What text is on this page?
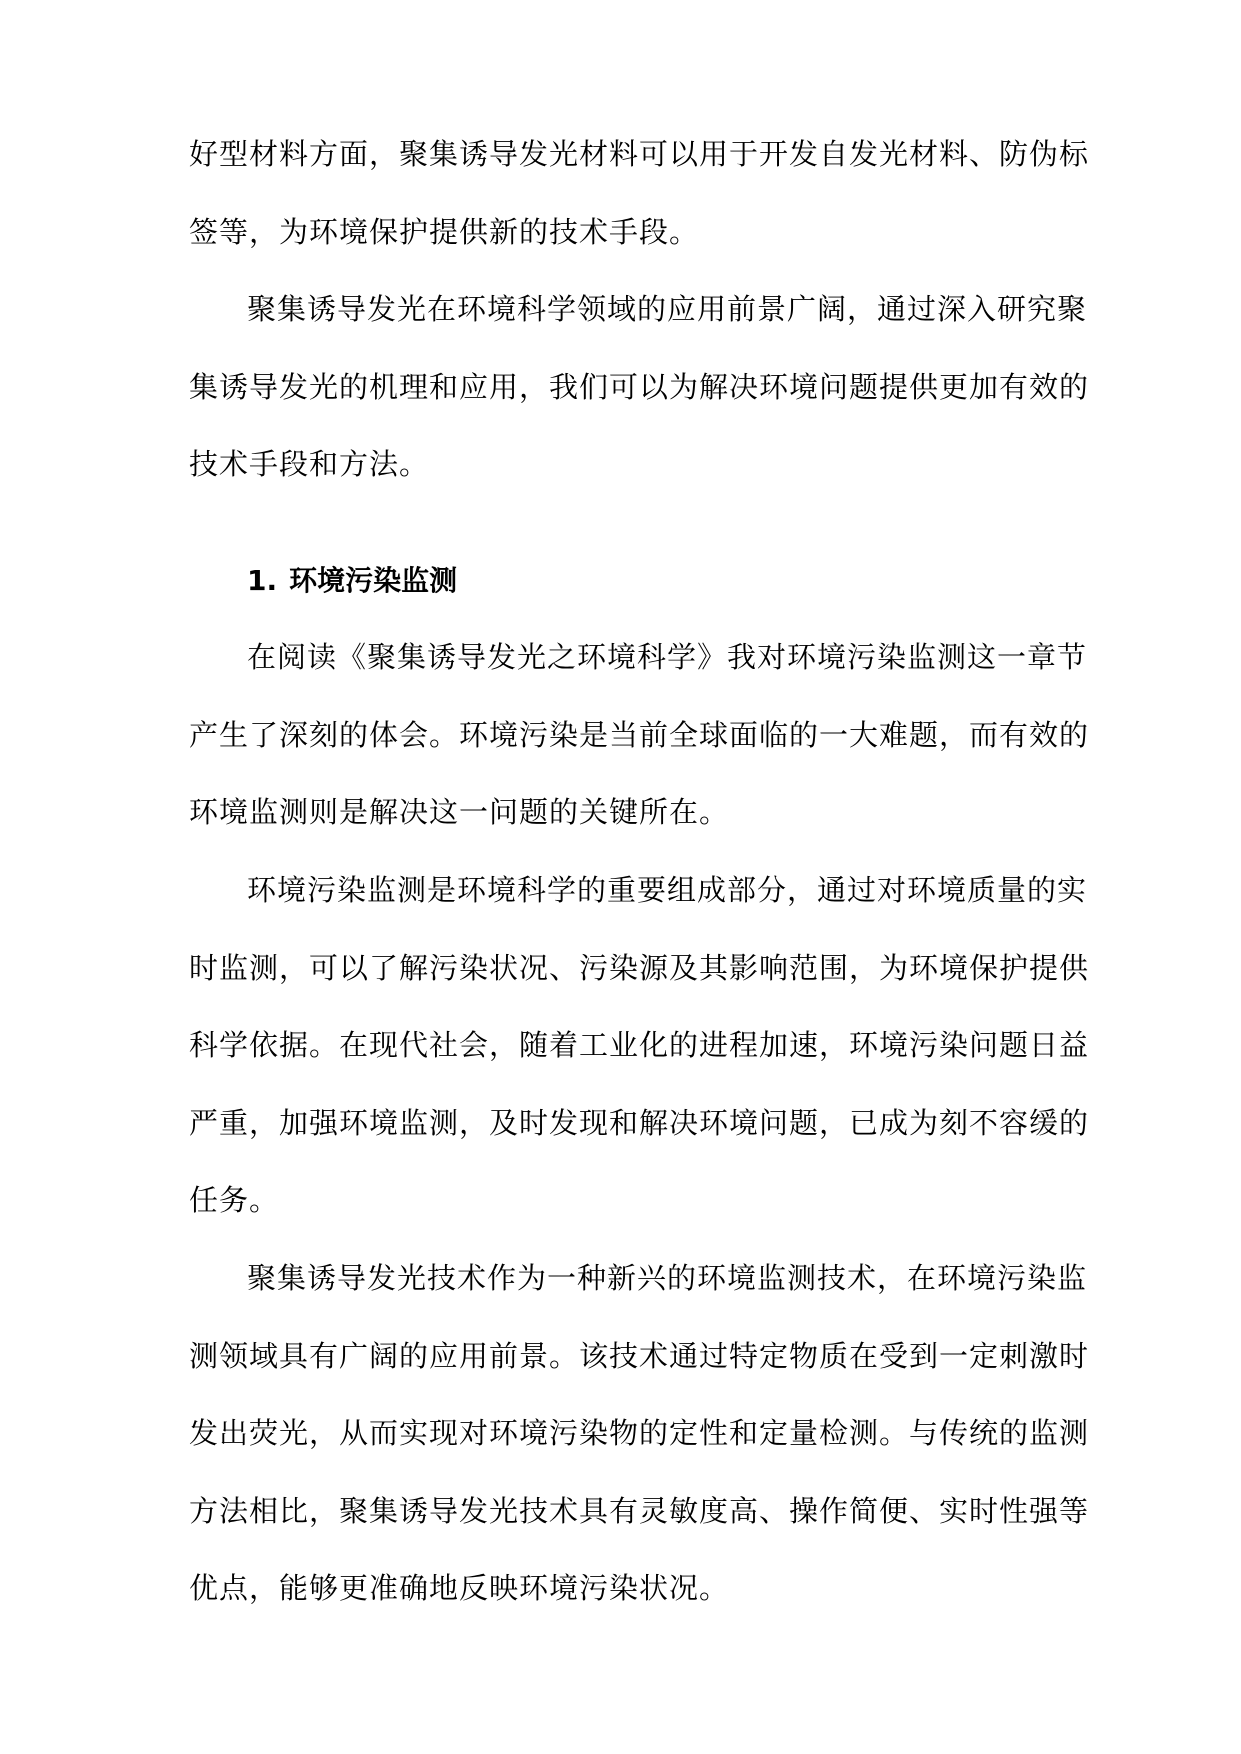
好型材料方面，聚集诱导发光材料可以用于开发自发光材料、防伪标
签等，为环境保护提供新的技术手段。

聚集诱导发光在环境科学领域的应用前景广阔，通过深入研究聚
集诱导发光的机理和应用，我们可以为解决环境问题提供更加有效的
技术手段和方法。

1. 环境污染监测

在阅读《聚集诱导发光之环境科学》我对环境污染监测这一章节
产生了深刻的体会。环境污染是当前全球面临的一大难题，而有效的
环境监测则是解决这一问题的关键所在。

环境污染监测是环境科学的重要组成部分，通过对环境质量的实
时监测，可以了解污染状况、污染源及其影响范围，为环境保护提供
科学依据。在现代社会，随着工业化的进程加速，环境污染问题日益
严重，加强环境监测，及时发现和解决环境问题，已成为刻不容缓的
任务。

聚集诱导发光技术作为一种新兴的环境监测技术，在环境污染监
测领域具有广阔的应用前景。该技术通过特定物质在受到一定刺激时
发出荧光，从而实现对环境污染物的定性和定量检测。与传统的监测
方法相比，聚集诱导发光技术具有灵敏度高、操作简便、实时性强等
优点，能够更准确地反映环境污染状况。
